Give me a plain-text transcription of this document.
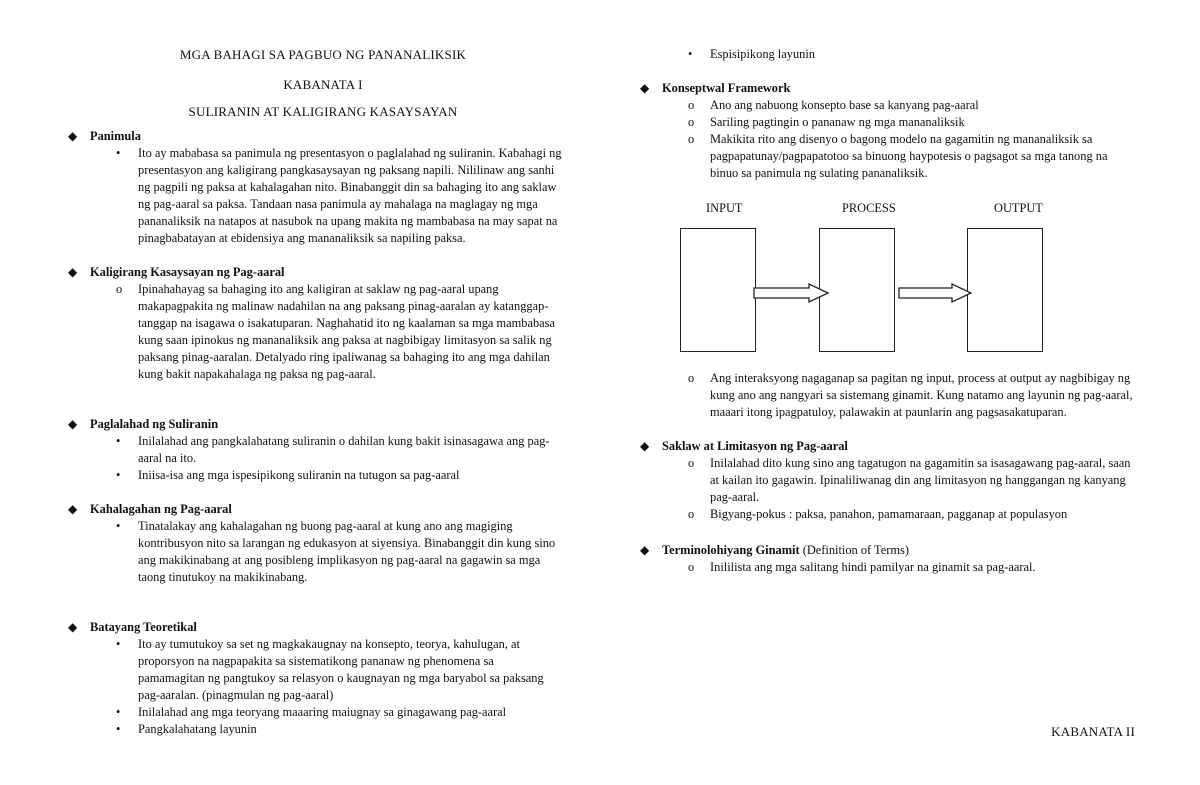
MGA BAHAGI SA PAGBUO NG PANANALIKSIK
KABANATA I
SULIRANIN AT KALIGIRANG KASAYSAYAN
◆ Panimula
• Ito ay mababasa sa panimula ng presentasyon o paglalahad ng suliranin. Kabahagi ng
presentasyon ang kaligirang pangkasaysayan ng paksang napili. Nililinaw ang sanhi
ng pagpili ng paksa at kahalagahan nito. Binabanggit din sa bahaging ito ang saklaw
ng pag-aaral sa paksa. Tandaan nasa panimula ay mahalaga na maglagay ng mga
pananaliksik na natapos at nasubok na upang makita ng mambabasa na may sapat na
pinagbabatayan at ebidensiya ang mananaliksik sa napiling paksa.
◆ Kaligirang Kasaysayan ng Pag-aaral
o Ipinahahayag sa bahaging ito ang kaligiran at saklaw ng pag-aaral upang
makapagpakita ng malinaw nadahilan na ang paksang pinag-aaralan ay katanggap-
tanggap na isagawa o isakatuparan. Naghahatid ito ng kaalaman sa mga mambabasa
kung saan ipinokus ng mananaliksik ang paksa at nagbibigay limitasyon sa salik ng
paksang pinag-aaralan. Detalyado ring ipaliwanag sa bahaging ito ang mga dahilan
kung bakit napakahalaga ng paksa ng pag-aaral.
◆ Paglalahad ng Suliranin
• Inilalahad ang pangkalahatang suliranin o dahilan kung bakit isinasagawa ang pag-
aaral na ito.
• Iniisa-isa ang mga ispesipikong suliranin na tutugon sa pag-aaral
◆ Kahalagahan ng Pag-aaral
• Tinatalakay ang kahalagahan ng buong pag-aaral at kung ano ang magiging
kontribusyon nito sa larangan ng edukasyon at siyensiya. Binabanggit din kung sino
ang makikinabang at ang posibleng implikasyon ng pag-aaral na gagawin sa mga
taong tinutukoy na makikinabang.
◆ Batayang Teoretikal
• Ito ay tumutukoy sa set ng magkakaugnay na konsepto, teorya, kahulugan, at
proporsyon na nagpapakita sa sistematikong pananaw ng phenomena sa
pamamagitan ng pangtukoy sa relasyon o kaugnayan ng mga baryabol sa paksang
pag-aaralan. (pinagmulan ng pag-aaral)
• Inilalahad ang mga teoryang maaaring maiugnay sa ginagawang pag-aaral
• Pangkalahatang layunin
• Espisipikong layunin
◆ Konseptwal Framework
o Ano ang nabuong konsepto base sa kanyang pag-aaral
o Sariling pagtingin o pananaw ng mga mananaliksik
o Makikita rito ang disenyo o bagong modelo na gagamitin ng mananaliksik sa
pagpapatunay/pagpapatotoo sa binuong haypotesis o pagsagot sa mga tanong na
binuo sa panimula ng sulating pananaliksik.
o Ang interaksyong nagaganap sa pagitan ng input, process at output ay nagbibigay ng
kung ano ang nangyari sa sistemang ginamit. Kung natamo ang layunin ng pag-aaral,
maaari itong ipagpatuloy, palawakin at paunlarin ang pagsasakatuparan.
◆ Saklaw at Limitasyon ng Pag-aaral
o Inilalahad dito kung sino ang tagatugon na gagamitin sa isasagawang pag-aaral, saan
at kailan ito gagawin. Ipinaliliwanag din ang limitasyon ng hanggangan ng kanyang
pag-aaral.
o Bigyang-pokus : paksa, panahon, pamamaraan, pagganap at populasyon
◆ Terminolohiyang Ginamit (Definition of Terms)
o Inililista ang mga salitang hindi pamilyar na ginamit sa pag-aaral.
KABANATA II
INPUT	PROCESS	OUTPUT
